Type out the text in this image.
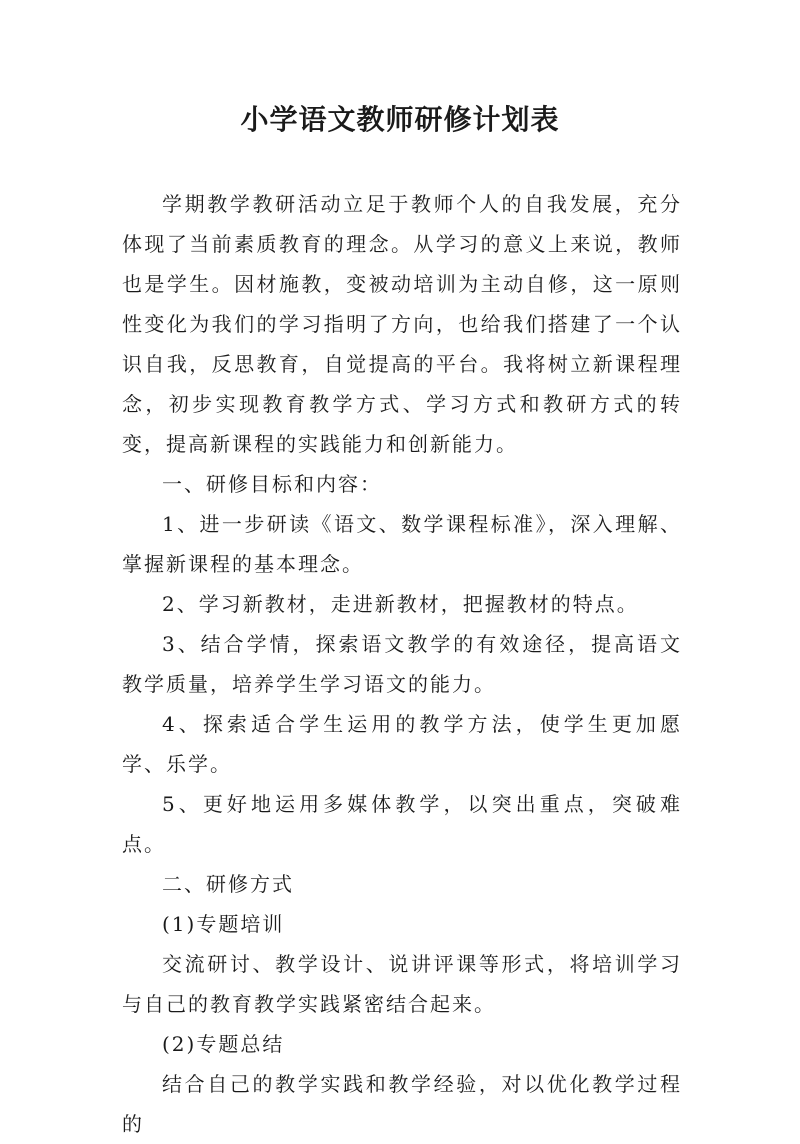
小学语文教师研修计划表

学期教学教研活动立足于教师个人的自我发展，充分体现了当前素质教育的理念。从学习的意义上来说，教师也是学生。因材施教，变被动培训为主动自修，这一原则性变化为我们的学习指明了方向，也给我们搭建了一个认识自我，反思教育，自觉提高的平台。我将树立新课程理念，初步实现教育教学方式、学习方式和教研方式的转变，提高新课程的实践能力和创新能力。

一、研修目标和内容：

1、进一步研读《语文、数学课程标准》，深入理解、掌握新课程的基本理念。

2、学习新教材，走进新教材，把握教材的特点。

3、结合学情，探索语文教学的有效途径，提高语文教学质量，培养学生学习语文的能力。

4、探索适合学生运用的教学方法，使学生更加愿学、乐学。

5、更好地运用多媒体教学，以突出重点，突破难点。

二、研修方式

(1)专题培训

交流研讨、教学设计、说讲评课等形式，将培训学习与自己的教育教学实践紧密结合起来。

(2)专题总结

结合自己的教学实践和教学经验，对以优化教学过程的
